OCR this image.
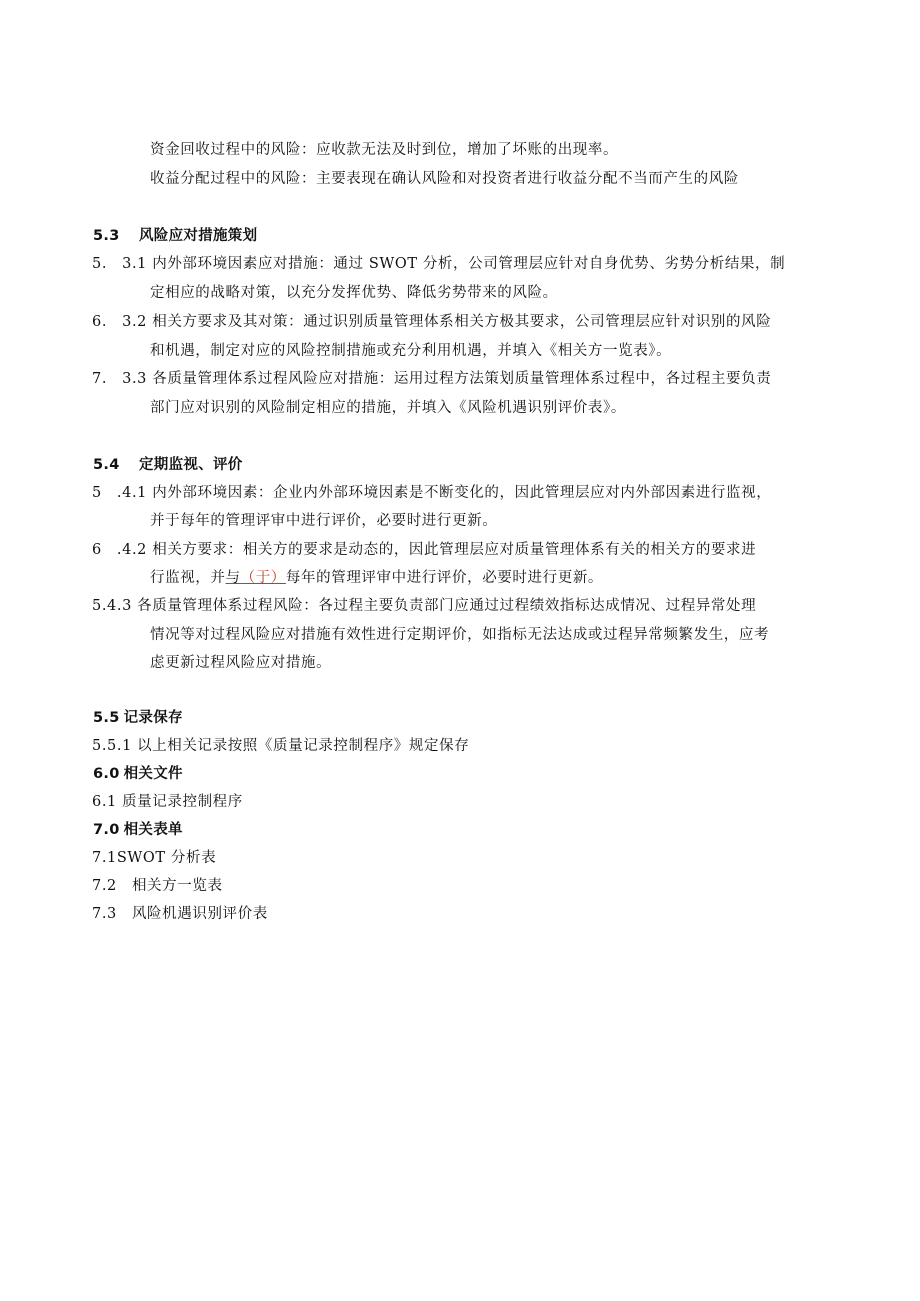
资金回收过程中的风险：应收款无法及时到位，增加了坏账的出现率。
收益分配过程中的风险：主要表现在确认风险和对投资者进行收益分配不当而产生的风险
5.3 风险应对措施策划
5.　3.1 内外部环境因素应对措施：通过 SWOT 分析，公司管理层应针对自身优势、劣势分析结果，制
定相应的战略对策，以充分发挥优势、降低劣势带来的风险。
6.　3.2 相关方要求及其对策：通过识别质量管理体系相关方极其要求，公司管理层应针对识别的风险
和机遇，制定对应的风险控制措施或充分利用机遇，并填入《相关方一览表》。
7.　3.3 各质量管理体系过程风险应对措施：运用过程方法策划质量管理体系过程中，各过程主要负责
部门应对识别的风险制定相应的措施，并填入《风险机遇识别评价表》。
5.4 定期监视、评价
5　.4.1 内外部环境因素：企业内外部环境因素是不断变化的，因此管理层应对内外部因素进行监视，
并于每年的管理评审中进行评价，必要时进行更新。
6　.4.2 相关方要求：相关方的要求是动态的，因此管理层应对质量管理体系有关的相关方的要求进
行监视，并与（于）每年的管理评审中进行评价，必要时进行更新。
5.4.3 各质量管理体系过程风险：各过程主要负责部门应通过过程绩效指标达成情况、过程异常处理
情况等对过程风险应对措施有效性进行定期评价，如指标无法达成或过程异常频繁发生，应考
虑更新过程风险应对措施。
5.5 记录保存
5.5.1 以上相关记录按照《质量记录控制程序》规定保存
6.0 相关文件
6.1 质量记录控制程序
7.0 相关表单
7.1SWOT 分析表
7.2　相关方一览表
7.3　风险机遇识别评价表
